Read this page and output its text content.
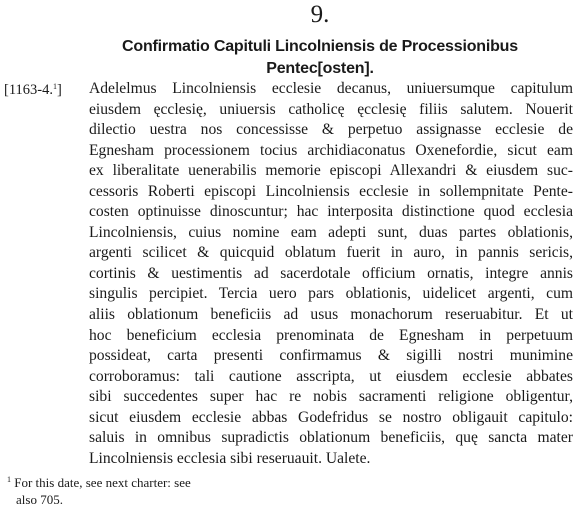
9.
Confirmatio Capituli Lincolniensis de Processionibus
Pentec[osten].
[1163-4.$^1$] Adelelmus Lincolniensis ecclesie decanus, uniuersumque capitulum
eiusdem ęcclesię, uniuersis catholicę ęcclesię filiis salutem. Nouerit
dilectio uestra nos concessisse & perpetuo assignasse ecclesie de
Egnesham processionem tocius archidiaconatus Oxenefordie, sicut eam
ex liberalitate uenerabilis memorie episcopi Allexandri & eiusdem suc-
cessoris Roberti episcopi Lincolniensis ecclesie in sollempnitate Pente-
costen optinuisse dinoscuntur; hac interposita distinctione quod ecclesia
Lincolniensis, cuius nomine eam adepti sunt, duas partes oblationis,
argenti scilicet & quicquid oblatum fuerit in auro, in pannis sericis,
cortinis & uestimentis ad sacerdotale officium ornatis, integre annis
singulis percipiet. Tercia uero pars oblationis, uidelicet argenti, cum
aliis oblationum beneficiis ad usus monachorum reseruabitur. Et ut
hoc beneficium ecclesia prenominata de Egnesham in perpetuum
possideat, carta presenti confirmamus & sigilli nostri munimine
corroboramus: tali cautione asscripta, ut eiusdem ecclesie abbates
sibi succedentes super hac re nobis sacramenti religione obligentur,
sicut eiusdem ecclesie abbas Godefridus se nostro obligauit capitulo:
saluis in omnibus supradictis oblationum beneficiis, quę sancta mater
Lincolniensis ecclesia sibi reseruauit. Ualete.
$^1$ For this date, see next charter: see
also 705.
